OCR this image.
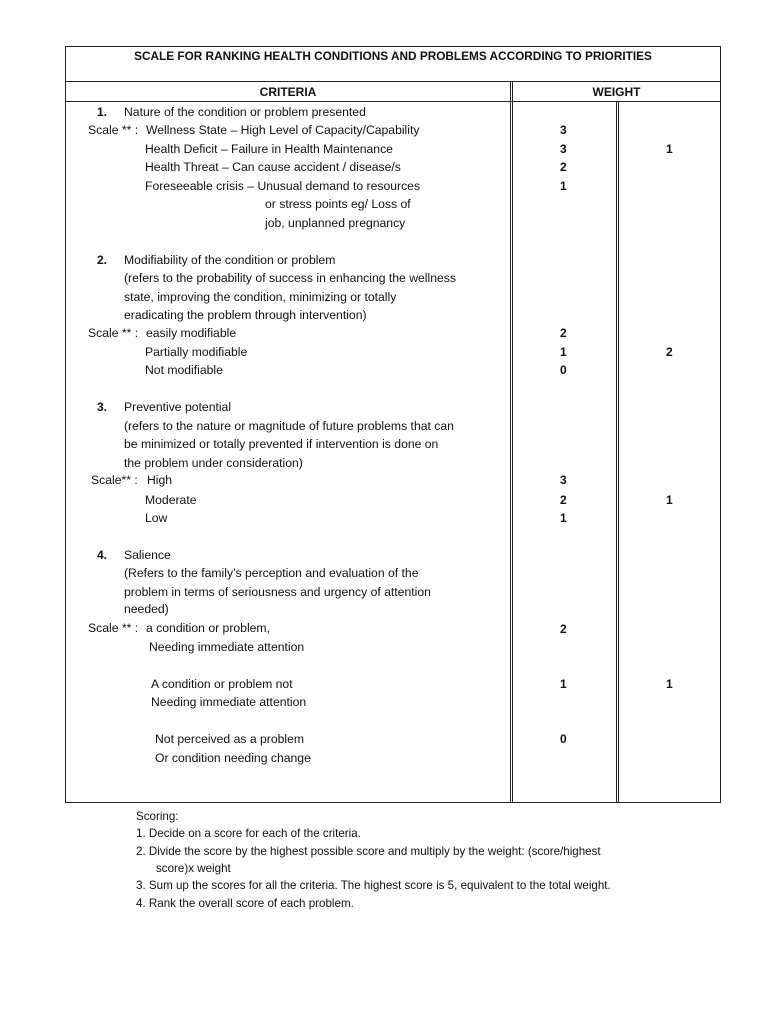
SCALE FOR RANKING HEALTH CONDITIONS AND PROBLEMS ACCORDING TO PRIORITIES
CRITERIA	WEIGHT
1. Nature of the condition or problem presented
Scale ** : Wellness State – High Level of Capacity/Capability
Health Deficit – Failure in Health Maintenance
Health Threat – Can cause accident / disease/s
Foreseeable crisis – Unusual demand to resources
or stress points eg/ Loss of
job, unplanned pregnancy
3
3
2
1
1
2. Modifiability of the condition or problem
(refers to the probability of success in enhancing the wellness
state, improving the condition, minimizing or totally
eradicating the problem through intervention)
Scale ** : easily modifiable
Partially modifiable
Not modifiable
2
1
0
2
3. Preventive potential
(refers to the nature or magnitude of future problems that can
be minimized or totally prevented if intervention is done on
the problem under consideration)
Scale** : High
Moderate
Low
3
2
1
1
4. Salience
(Refers to the family’s perception and evaluation of the
problem in terms of seriousness and urgency of attention
needed)
Scale ** : a condition or problem,
Needing immediate attention
A condition or problem not
Needing immediate attention
Not perceived as a problem
Or condition needing change
2
1
0
1
Scoring:
1. Decide on a score for each of the criteria.
2. Divide the score by the highest possible score and multiply by the weight: (score/highest
score)x weight
3. Sum up the scores for all the criteria. The highest score is 5, equivalent to the total weight.
4. Rank the overall score of each problem.
